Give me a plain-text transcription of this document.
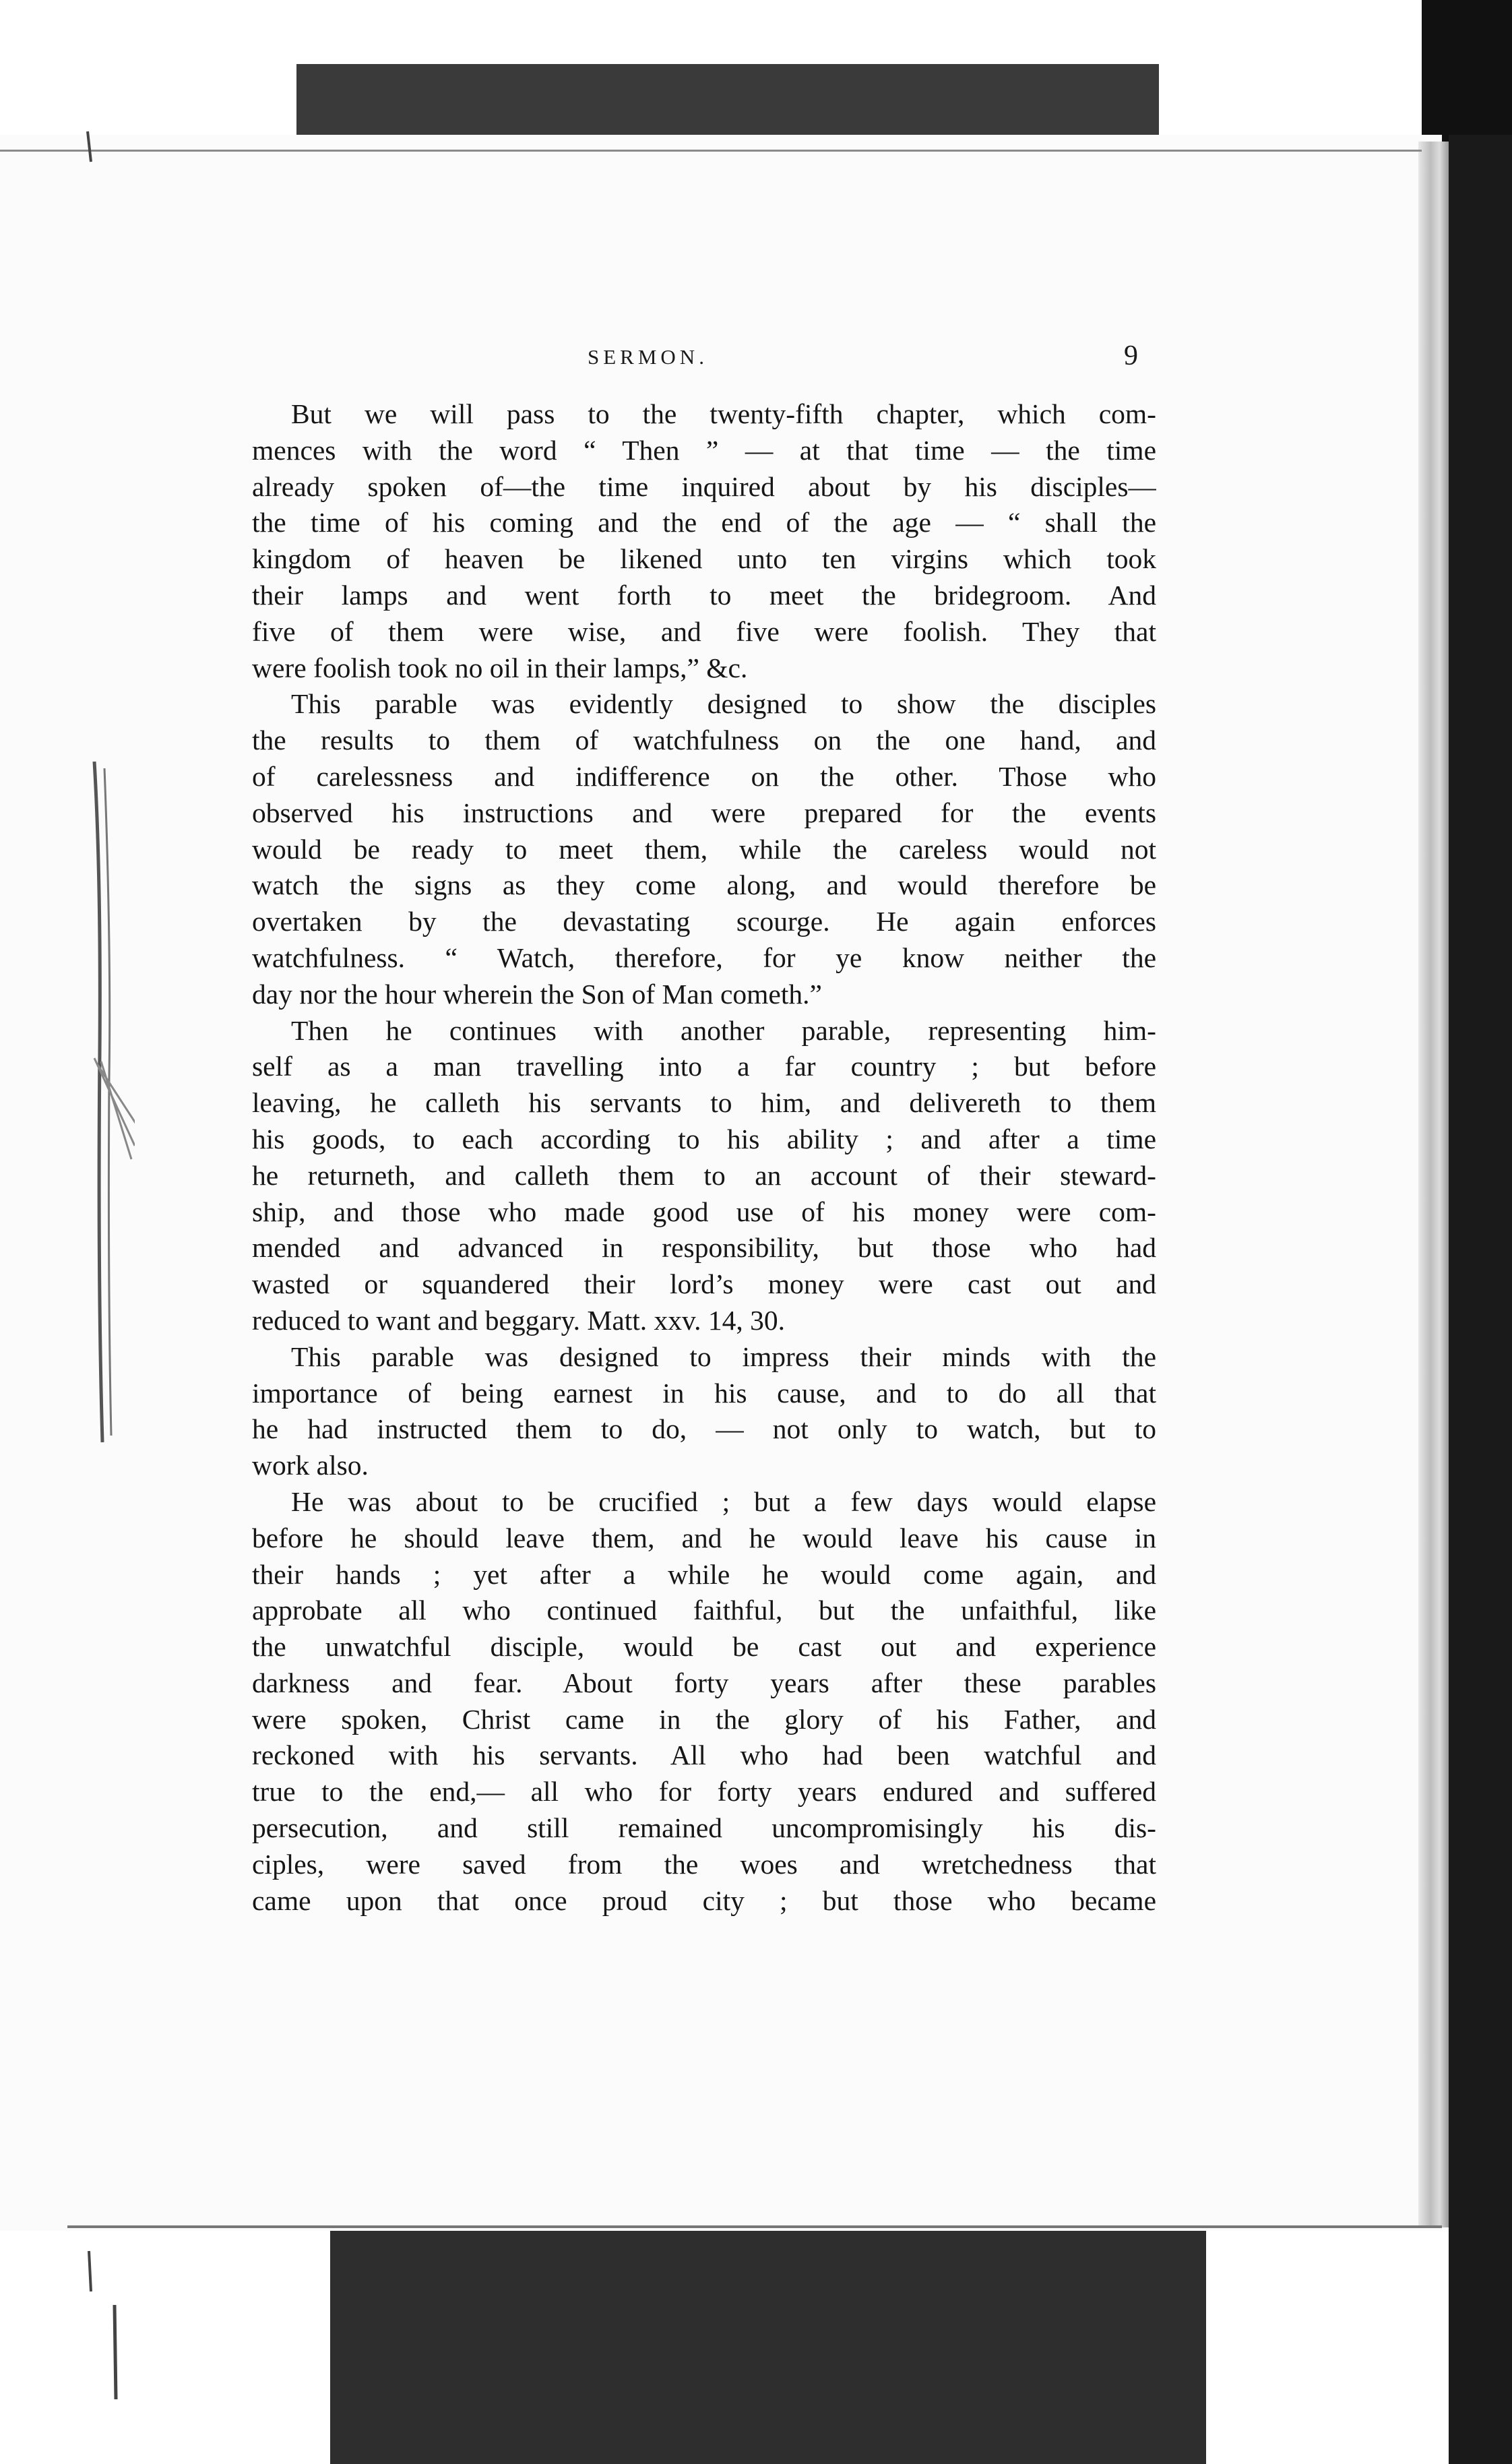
SERMON.	9
But we will pass to the twenty-fifth chapter, which com-
mences with the word “ Then ” — at that time — the time
already spoken of—the time inquired about by his disciples—
the time of his coming and the end of the age — “ shall the
kingdom of heaven be likened unto ten virgins which took
their lamps and went forth to meet the bridegroom. And
five of them were wise, and five were foolish. They that
were foolish took no oil in their lamps,” &c.
This parable was evidently designed to show the disciples
the results to them of watchfulness on the one hand, and
of carelessness and indifference on the other. Those who
observed his instructions and were prepared for the events
would be ready to meet them, while the careless would not
watch the signs as they come along, and would therefore be
overtaken by the devastating scourge. He again enforces
watchfulness. “ Watch, therefore, for ye know neither the
day nor the hour wherein the Son of Man cometh.”
Then he continues with another parable, representing him-
self as a man travelling into a far country ; but before
leaving, he calleth his servants to him, and delivereth to them
his goods, to each according to his ability ; and after a time
he returneth, and calleth them to an account of their steward-
ship, and those who made good use of his money were com-
mended and advanced in responsibility, but those who had
wasted or squandered their lord’s money were cast out and
reduced to want and beggary. Matt. xxv. 14, 30.
This parable was designed to impress their minds with the
importance of being earnest in his cause, and to do all that
he had instructed them to do, — not only to watch, but to
work also.
He was about to be crucified ; but a few days would elapse
before he should leave them, and he would leave his cause in
their hands ; yet after a while he would come again, and
approbate all who continued faithful, but the unfaithful, like
the unwatchful disciple, would be cast out and experience
darkness and fear. About forty years after these parables
were spoken, Christ came in the glory of his Father, and
reckoned with his servants. All who had been watchful and
true to the end,— all who for forty years endured and suffered
persecution, and still remained uncompromisingly his dis-
ciples, were saved from the woes and wretchedness that
came upon that once proud city ; but those who became
